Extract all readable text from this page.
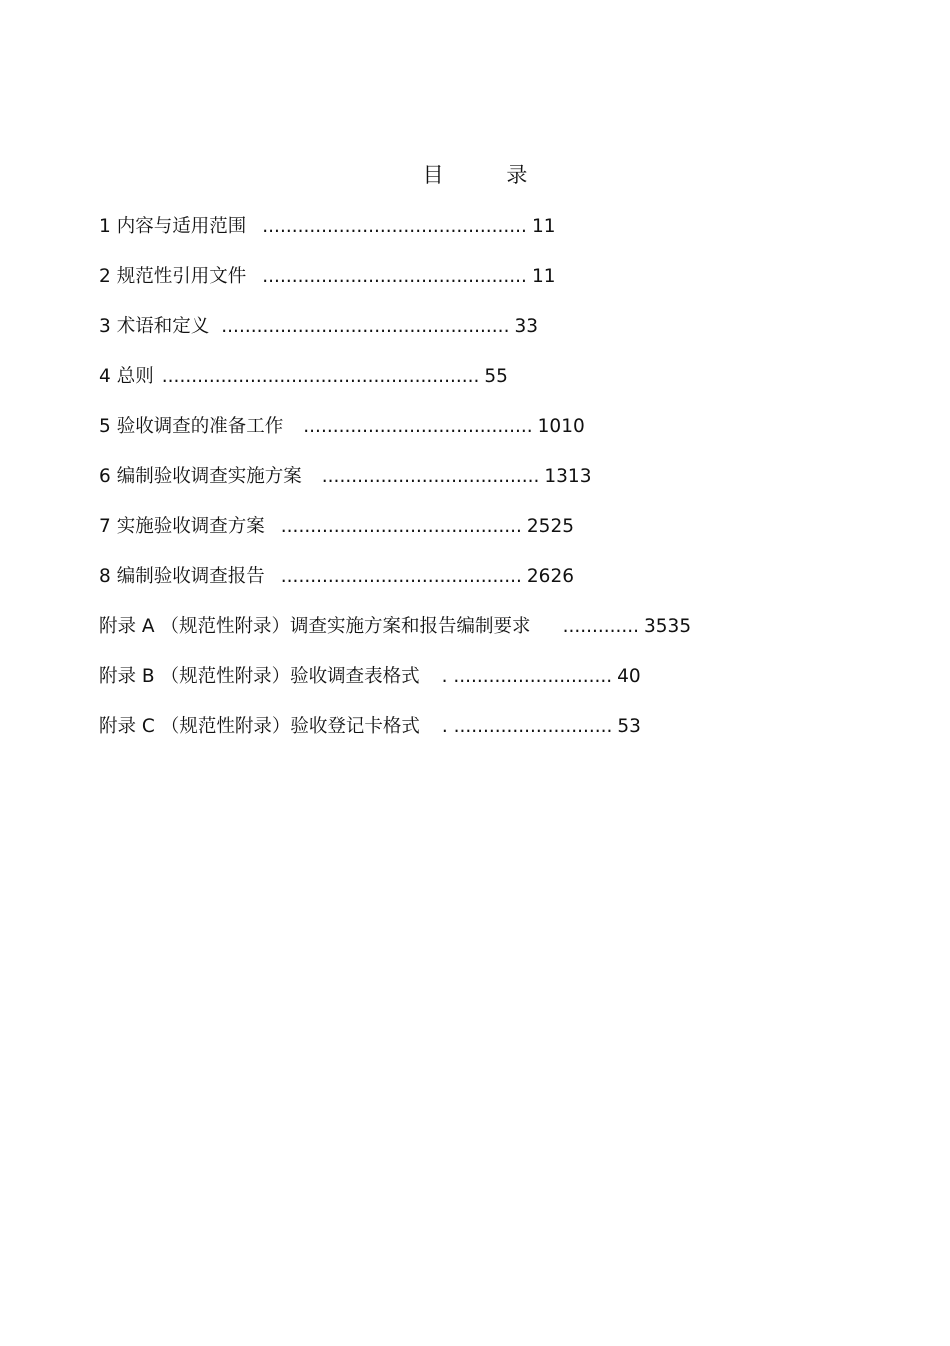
目 录
1 内容与适用范围 ............................................. 11
2 规范性引用文件 ............................................. 11
3 术语和定义 ................................................. 33
4 总则 ...................................................... 55
5 验收调查的准备工作 ....................................... 1010
6 编制验收调查实施方案 ..................................... 1313
7 实施验收调查方案 ......................................... 2525
8 编制验收调查报告 ......................................... 2626
附录 A （规范性附录）调查实施方案和报告编制要求 ............. 3535
附录 B （规范性附录）验收调查表格式 . ........................... 40
附录 C （规范性附录）验收登记卡格式 . ........................... 53
